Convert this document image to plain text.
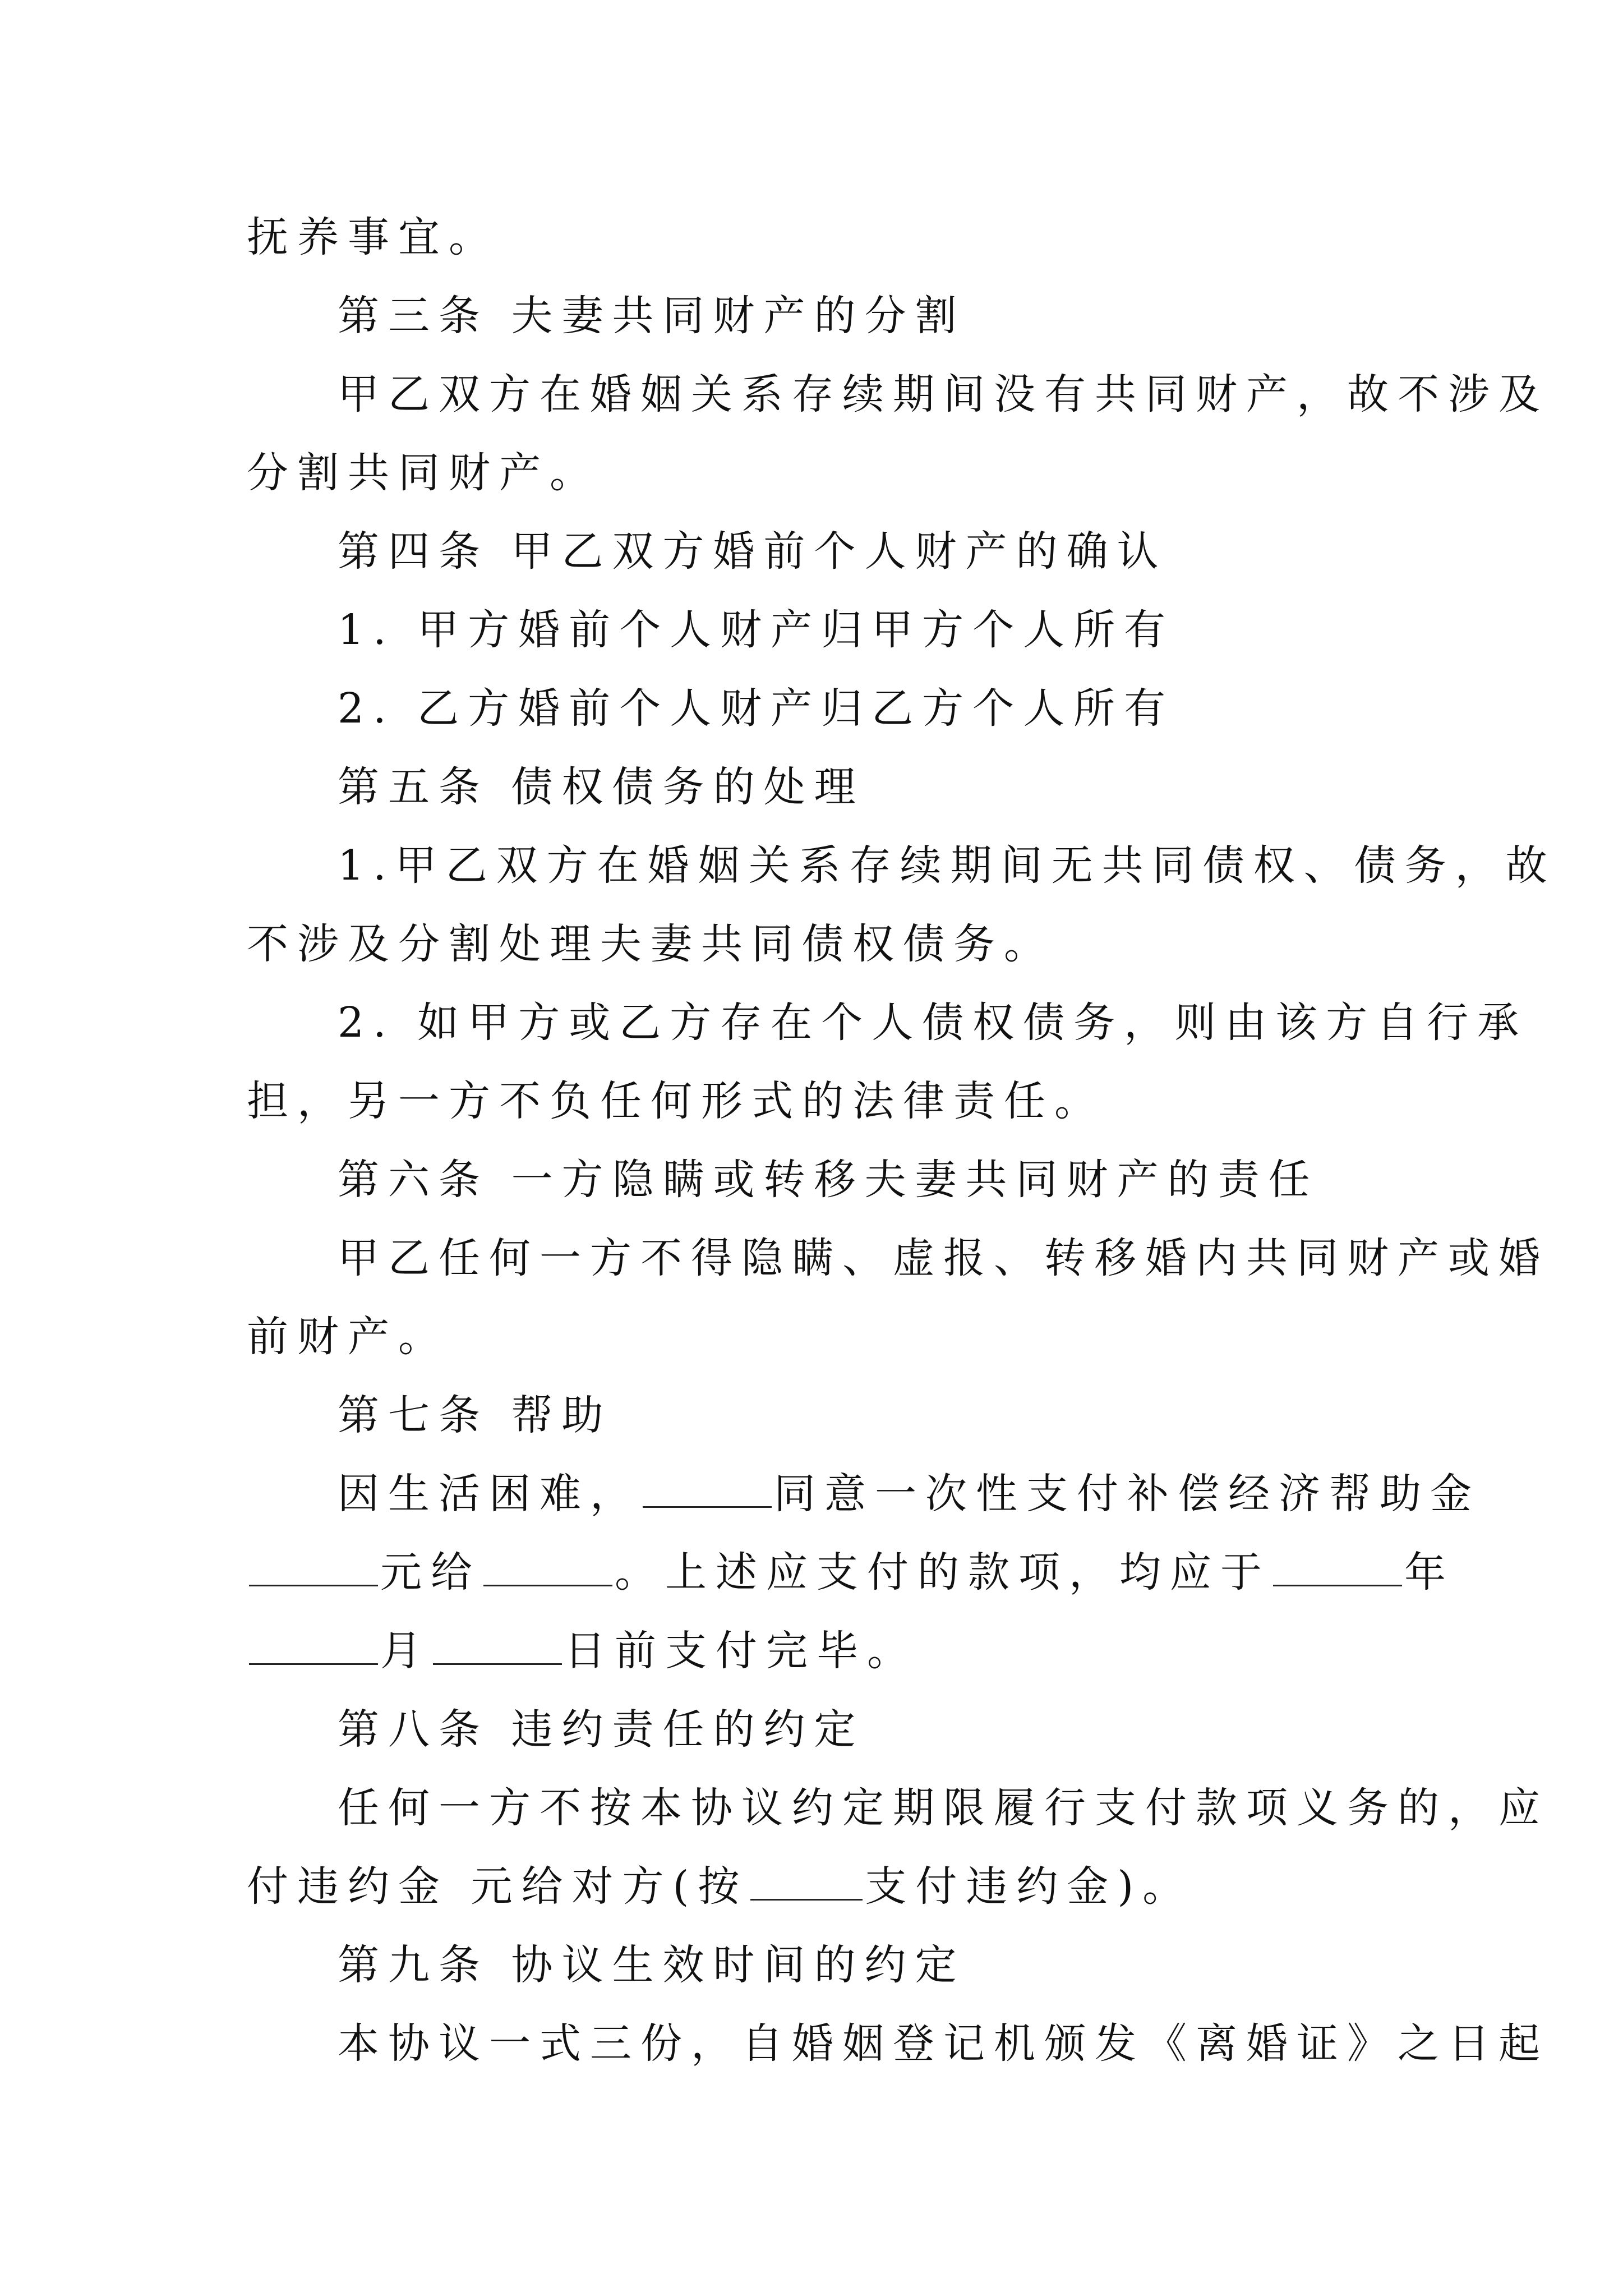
抚养事宜。
第三条 夫妻共同财产的分割
甲乙双方在婚姻关系存续期间没有共同财产，故不涉及
分割共同财产。
第四条 甲乙双方婚前个人财产的确认
1. 甲方婚前个人财产归甲方个人所有
2. 乙方婚前个人财产归乙方个人所有
第五条 债权债务的处理
1.甲乙双方在婚姻关系存续期间无共同债权、债务，故
不涉及分割处理夫妻共同债权债务。
2. 如甲方或乙方存在个人债权债务，则由该方自行承
担，另一方不负任何形式的法律责任。
第六条 一方隐瞒或转移夫妻共同财产的责任
甲乙任何一方不得隐瞒、虚报、转移婚内共同财产或婚
前财产。
第七条 帮助
因生活困难，	同意一次性支付补偿经济帮助金
元给	。上述应支付的款项，均应于	年
月	日前支付完毕。
第八条 违约责任的约定
任何一方不按本协议约定期限履行支付款项义务的，应
付违约金 元给对方(按	支付违约金)。
第九条 协议生效时间的约定
本协议一式三份，自婚姻登记机颁发《离婚证》之日起
